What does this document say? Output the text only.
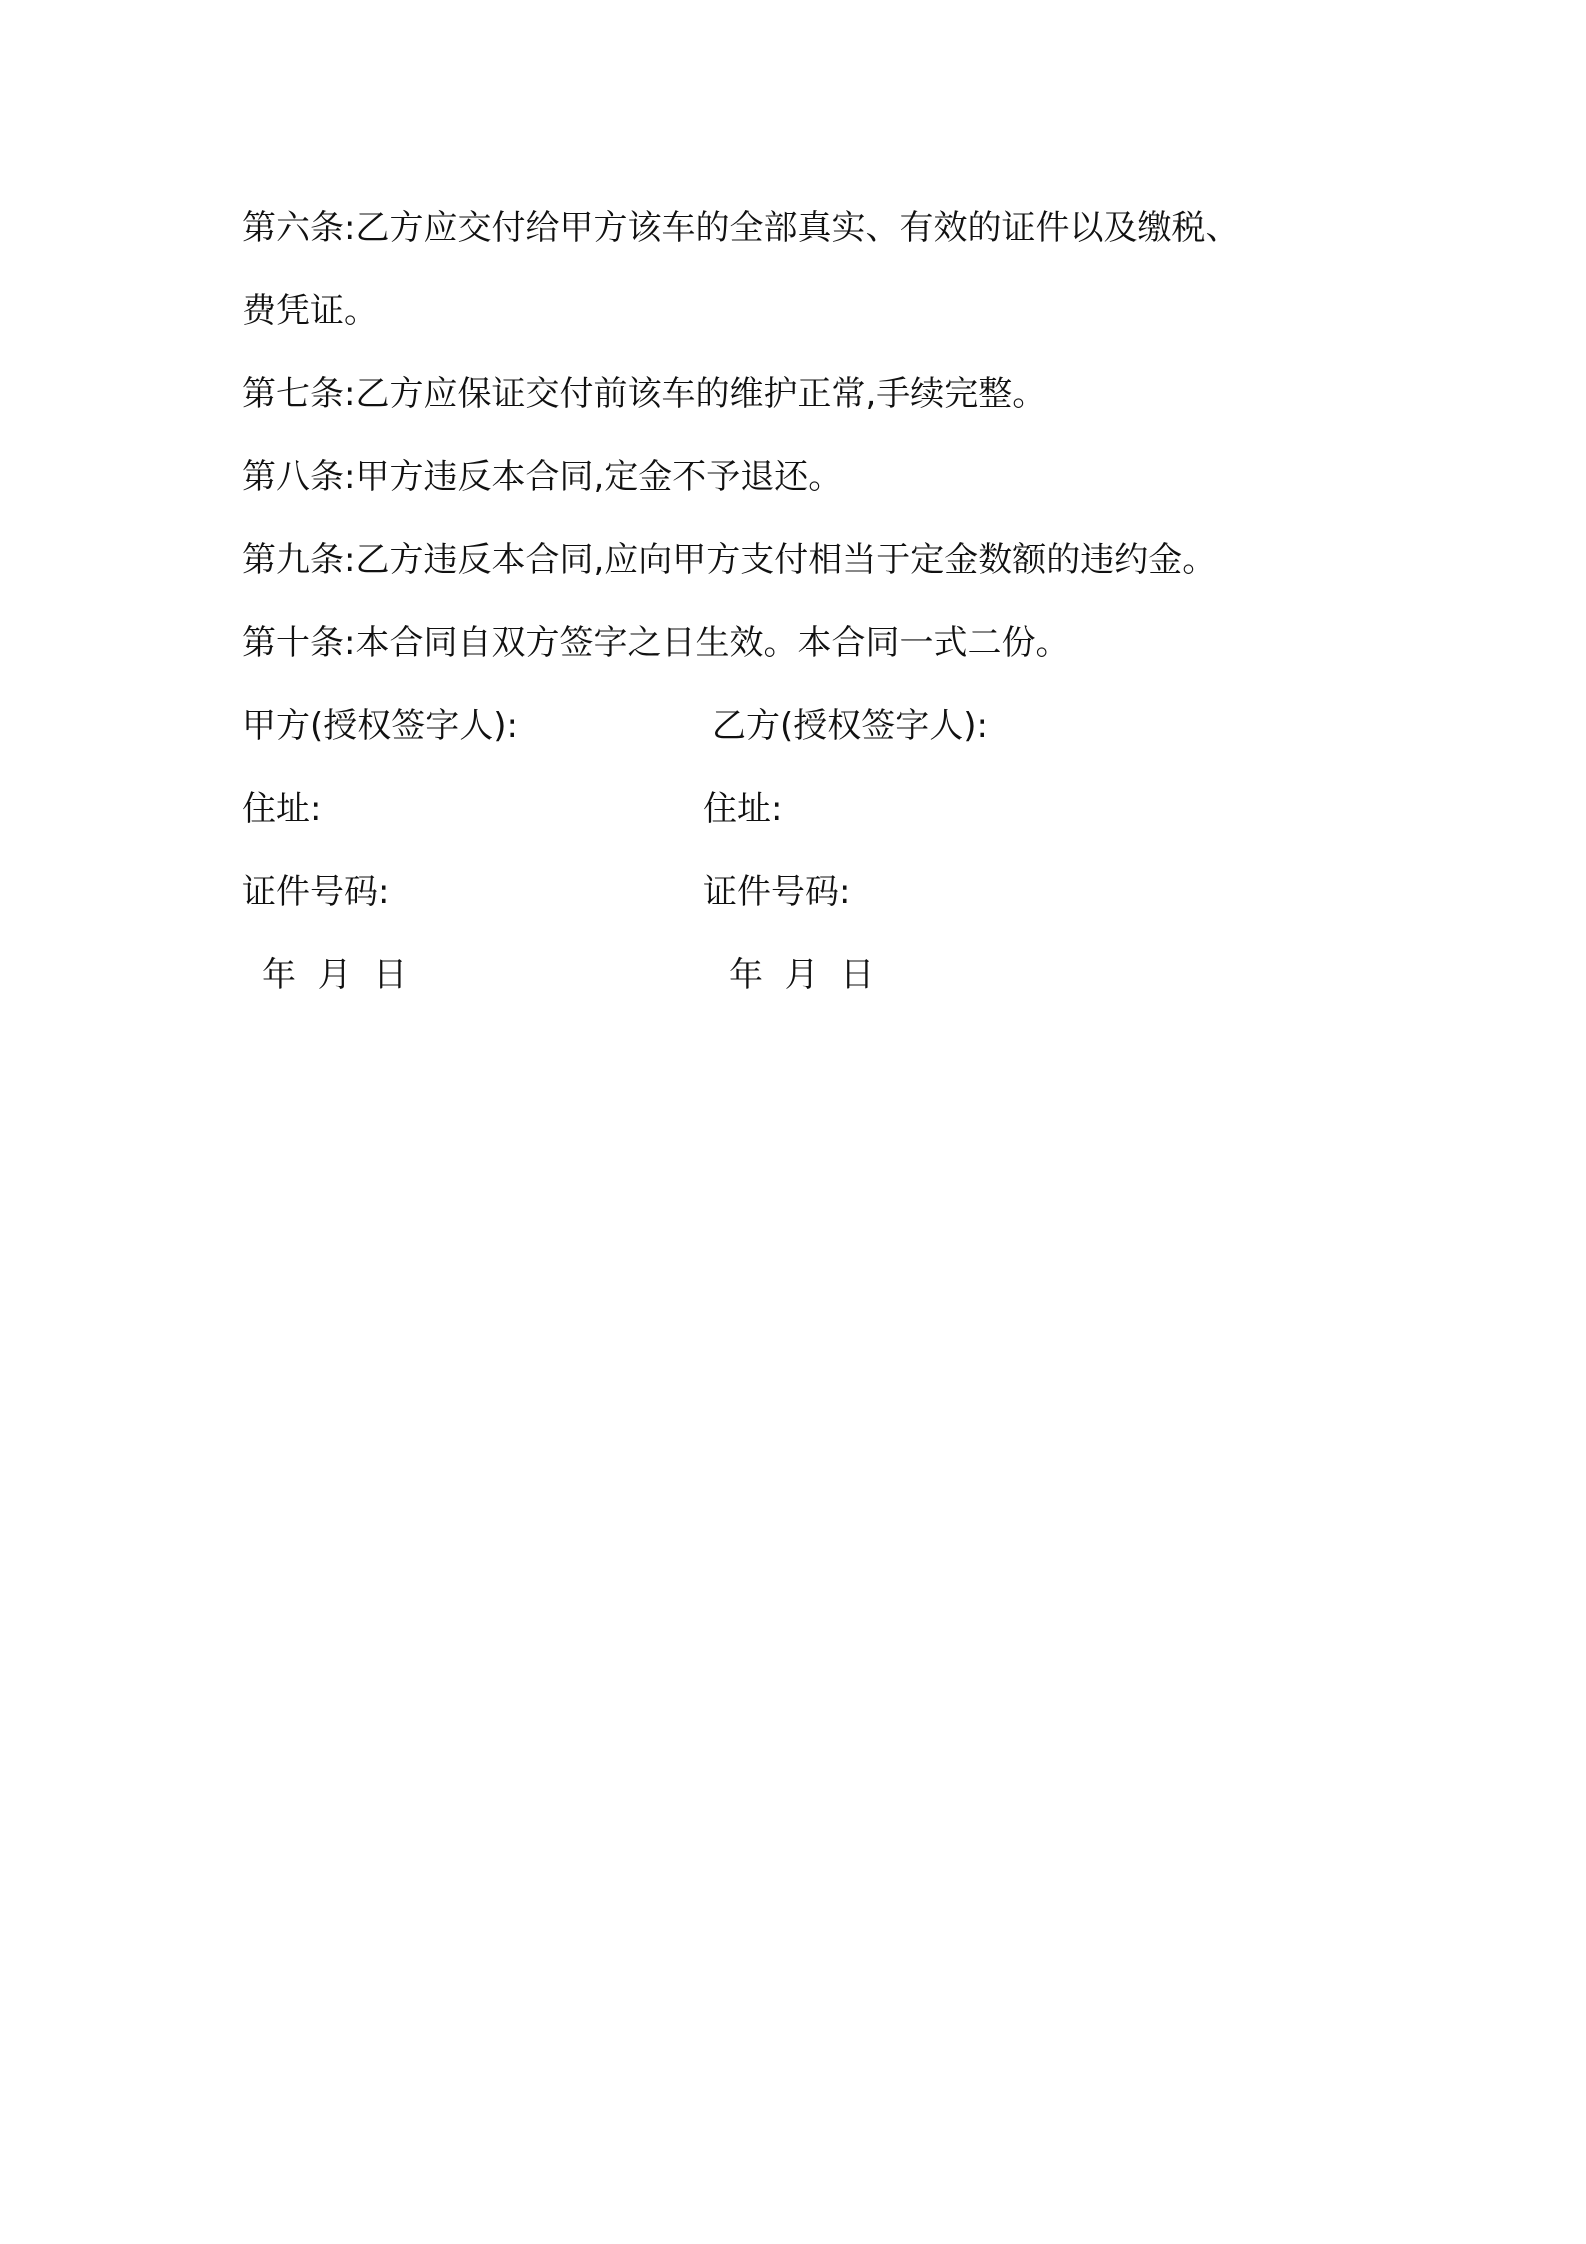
第六条:乙方应交付给甲方该车的全部真实、有效的证件以及缴税、
费凭证。
第七条:乙方应保证交付前该车的维护正常,手续完整。
第八条:甲方违反本合同,定金不予退还。
第九条:乙方违反本合同,应向甲方支付相当于定金数额的违约金。
第十条:本合同自双方签字之日生效。本合同一式二份。
甲方(授权签字人):	乙方(授权签字人):
住址:	住址:
证件号码:	证件号码:
年  月  日	年  月  日
